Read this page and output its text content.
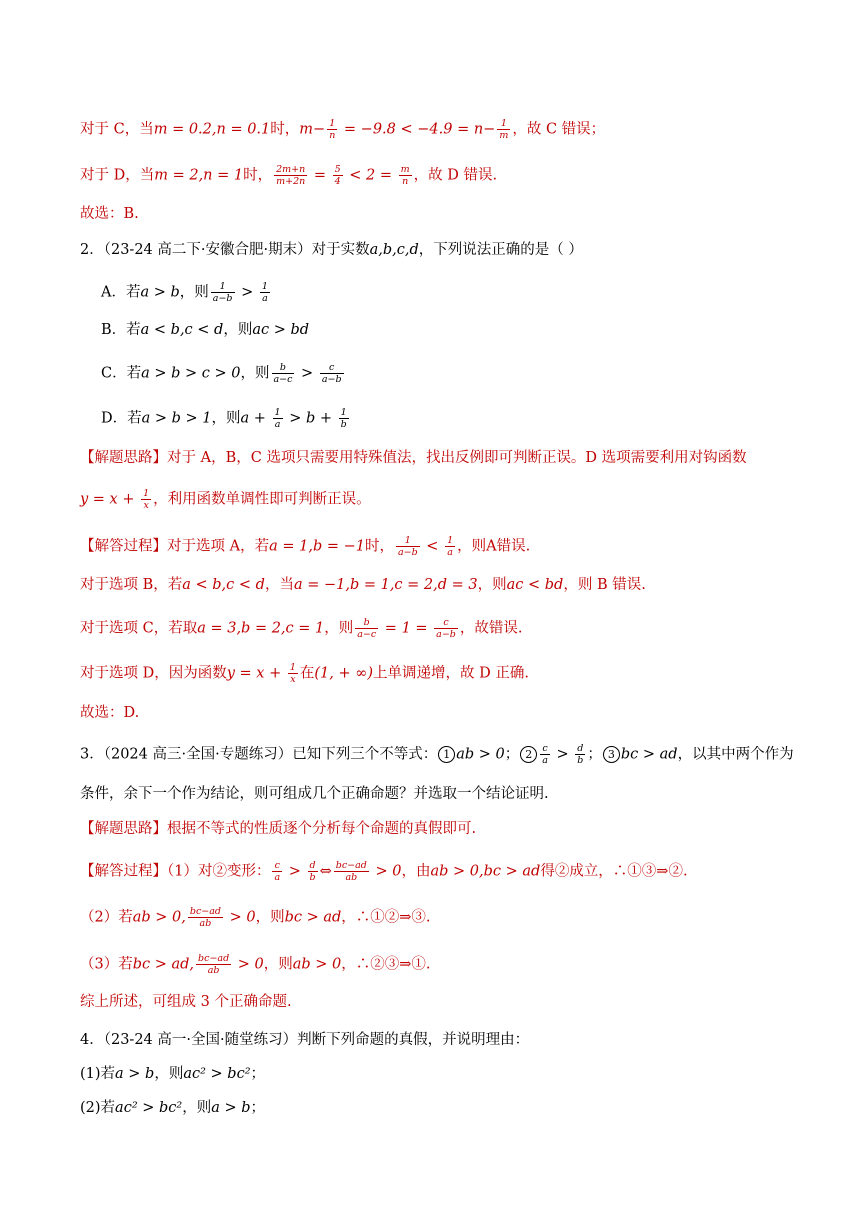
对于 C，当m = 0.2,n = 0.1时，$m- \frac{1}{n} = -9.8 < -4.9 = n- \frac{1}{m}$ ，故 C 错误；
对于 D，当m = 2,n = 1时， $\frac{2m+n}{m+2n} = \frac{5}{4} < 2 = \frac{m}{n}$ ，故 D 错误.
故选：B.
2．（23-24 高二下·安徽合肥·期末）对于实数a,b,c,d，下列说法正确的是（ ）
A．若a > b，则 $\frac{1}{a-b} > \frac{1}{a}$
B．若a < b,c < d，则ac > bd
C．若a > b > c > 0，则 $\frac{b}{a-c} > \frac{c}{a-b}$
D．若a > b > 1，则$a + \frac{1}{a} > b + \frac{1}{b}$
【解题思路】对于 A，B，C 选项只需要用特殊值法，找出反例即可判断正误。D 选项需要利用对钩函数
$y = x + \frac{1}{x}$ ，利用函数单调性即可判断正误。
【解答过程】对于选项 A，若a = 1,b = −1时， $\frac{1}{a-b} < \frac{1}{a}$ ，则A错误.
对于选项 B，若a < b,c < d，当a = −1,b = 1,c = 2,d = 3，则ac < bd，则 B 错误.
对于选项 C，若取a = 3,b = 2,c = 1，则 $\frac{b}{a-c} = 1 = \frac{c}{a-b}$ ，故错误.
对于选项 D，因为函数$y = x + \frac{1}{x}$ 在(1, + ∞)上单调递增，故 D 正确.
故选：D.
3．（2024 高三·全国·专题练习）已知下列三个不等式： 1 ab > 0； $2 \frac{c}{a} > \frac{d}{b}$ ； 3 bc > ad，以其中两个作为
条件，余下一个作为结论，则可组成几个正确命题？并选取一个结论证明.
【解题思路】根据不等式的性质逐个分析每个命题的真假即可.
【解答过程】（1）对②变形： $\frac{c}{a} > \frac{d}{b}$ ⇔ $\frac{bc-ad}{ab} > 0$，由ab > 0,bc > ad得②成立，∴①③⇒②.
（2）若ab > 0, $\frac{bc-ad}{ab} > 0$，则bc > ad，∴①②⇒③.
（3）若bc > ad, $\frac{bc-ad}{ab} > 0$，则ab > 0，∴②③⇒①.
综上所述，可组成 3 个正确命题.
4．（23-24 高一·全国·随堂练习）判断下列命题的真假，并说明理由：
(1)若a > b，则ac² > bc²；
(2)若ac² > bc²，则a > b；
